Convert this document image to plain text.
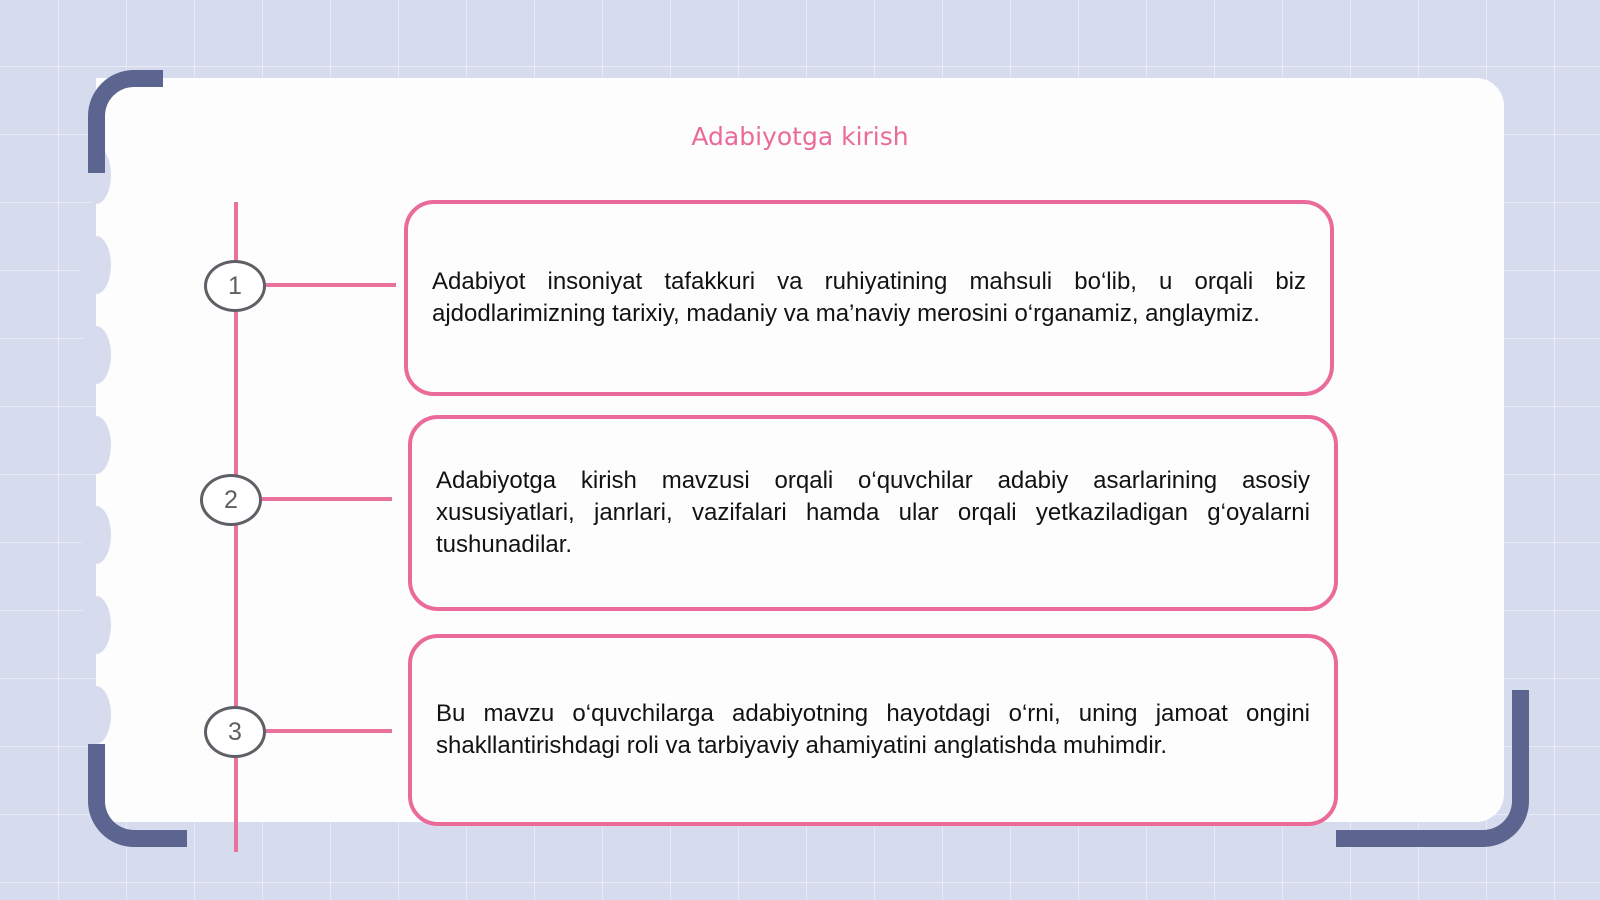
Adabiyotga kirish
1	Adabiyot insoniyat tafakkuri va ruhiyatining mahsuli bo‘lib, u orqali biz ajdodlarimizning tarixiy, madaniy va ma’naviy merosini o‘rganamiz, anglaymiz.
2
Adabiyotga kirish mavzusi orqali o‘quvchilar adabiy asarlarining asosiy xususiyatlari, janrlari, vazifalari hamda ular orqali yetkaziladigan g‘oyalarni tushunadilar.
3
Bu mavzu o‘quvchilarga adabiyotning hayotdagi o‘rni, uning jamoat ongini shakllantirishdagi roli va tarbiyaviy ahamiyatini anglatishda muhimdir.
